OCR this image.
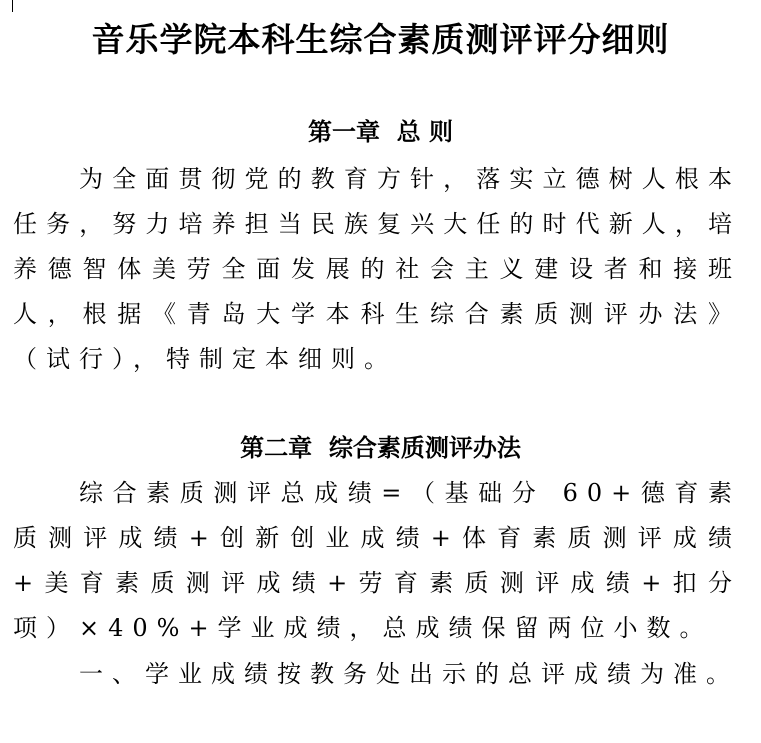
音乐学院本科生综合素质测评评分细则
第一章  总 则

为全面贯彻党的教育方针，落实立德树人根本任务，努力培养担当民族复兴大任的时代新人，培养德智体美劳全面发展的社会主义建设者和接班人，根据《青岛大学本科生综合素质测评办法》（试行），特制定本细则。

第二章  综合素质测评办法

综合素质测评总成绩=（基础分 60+德育素质测评成绩+创新创业成绩+体育素质测评成绩+美育素质测评成绩+劳育素质测评成绩+扣分项）×40%+学业成绩，总成绩保留两位小数。

一、学业成绩按教务处出示的总评成绩为准。
